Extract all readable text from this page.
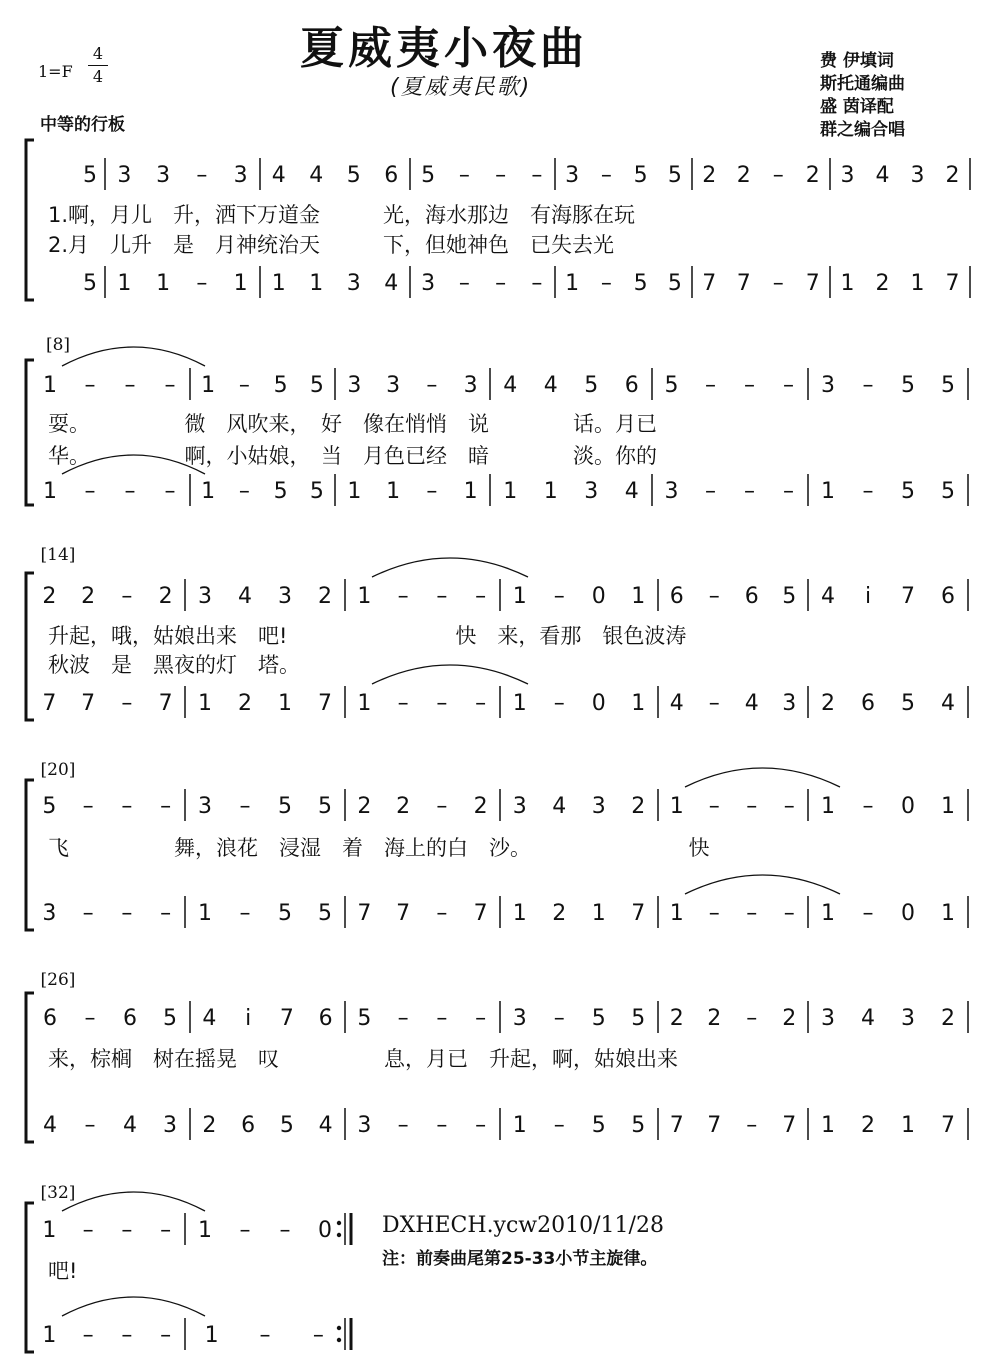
夏威夷小夜曲
(夏威夷民歌)
1=F
4
4
中等的行板
费 伊填词
斯托通编曲
盛 茵译配
群之编合唱
5 3 3 – 3 4 4 5 6 5 – – – 3 – 5 5 2 2 – 2 3 4 3 2
5 1 1 – 1 1 1 3 4 3 – – – 1 – 5 5 7 7 – 7 1 2 1 7
1.啊，月儿　升，洒下万道金　　　光，海水那边　有海豚在玩
2.月　儿升　是　月神统治天　　　下，但她神色　已失去光
[8]
1 – – – 1 – 5 5 3 3 – 3 4 4 5 6 5 – – – 3 – 5 5
1 – – – 1 – 5 5 1 1 – 1 1 1 3 4 3 – – – 1 – 5 5
耍。　　　　　微　风吹来，　好　像在悄悄　说　　　　话。月已
华。　　　　　啊，小姑娘，　当　月色已经　暗　　　　淡。你的
[14]
2 2 – 2 3 4 3 2 1 – – – 1 – 0 1 6 – 6 5 4 i 7 6
7 7 – 7 1 2 1 7 1 – – – 1 – 0 1 4 – 4 3 2 6 5 4
升起，哦，姑娘出来　吧!　　　　　　　　快　来，看那　银色波涛
秋波　是　黑夜的灯　塔。
[20]
5 – – – 3 – 5 5 2 2 – 2 3 4 3 2 1 – – – 1 – 0 1
3 – – – 1 – 5 5 7 7 – 7 1 2 1 7 1 – – – 1 – 0 1
飞　　　　　舞，浪花　浸湿　着　海上的白　沙。　　　　　　　　快
[26]
6 – 6 5 4 i 7 6 5 – – – 3 – 5 5 2 2 – 2 3 4 3 2
4 – 4 3 2 6 5 4 3 – – – 1 – 5 5 7 7 – 7 1 2 1 7
来，棕榈　树在摇晃　叹　　　　　息，月已　升起，啊，姑娘出来
[32]
1 – – – 1 – – 0
1 – – – 1 – –
吧!
DXHECH.ycw2010/11/28
注：前奏曲尾第25-33小节主旋律。
